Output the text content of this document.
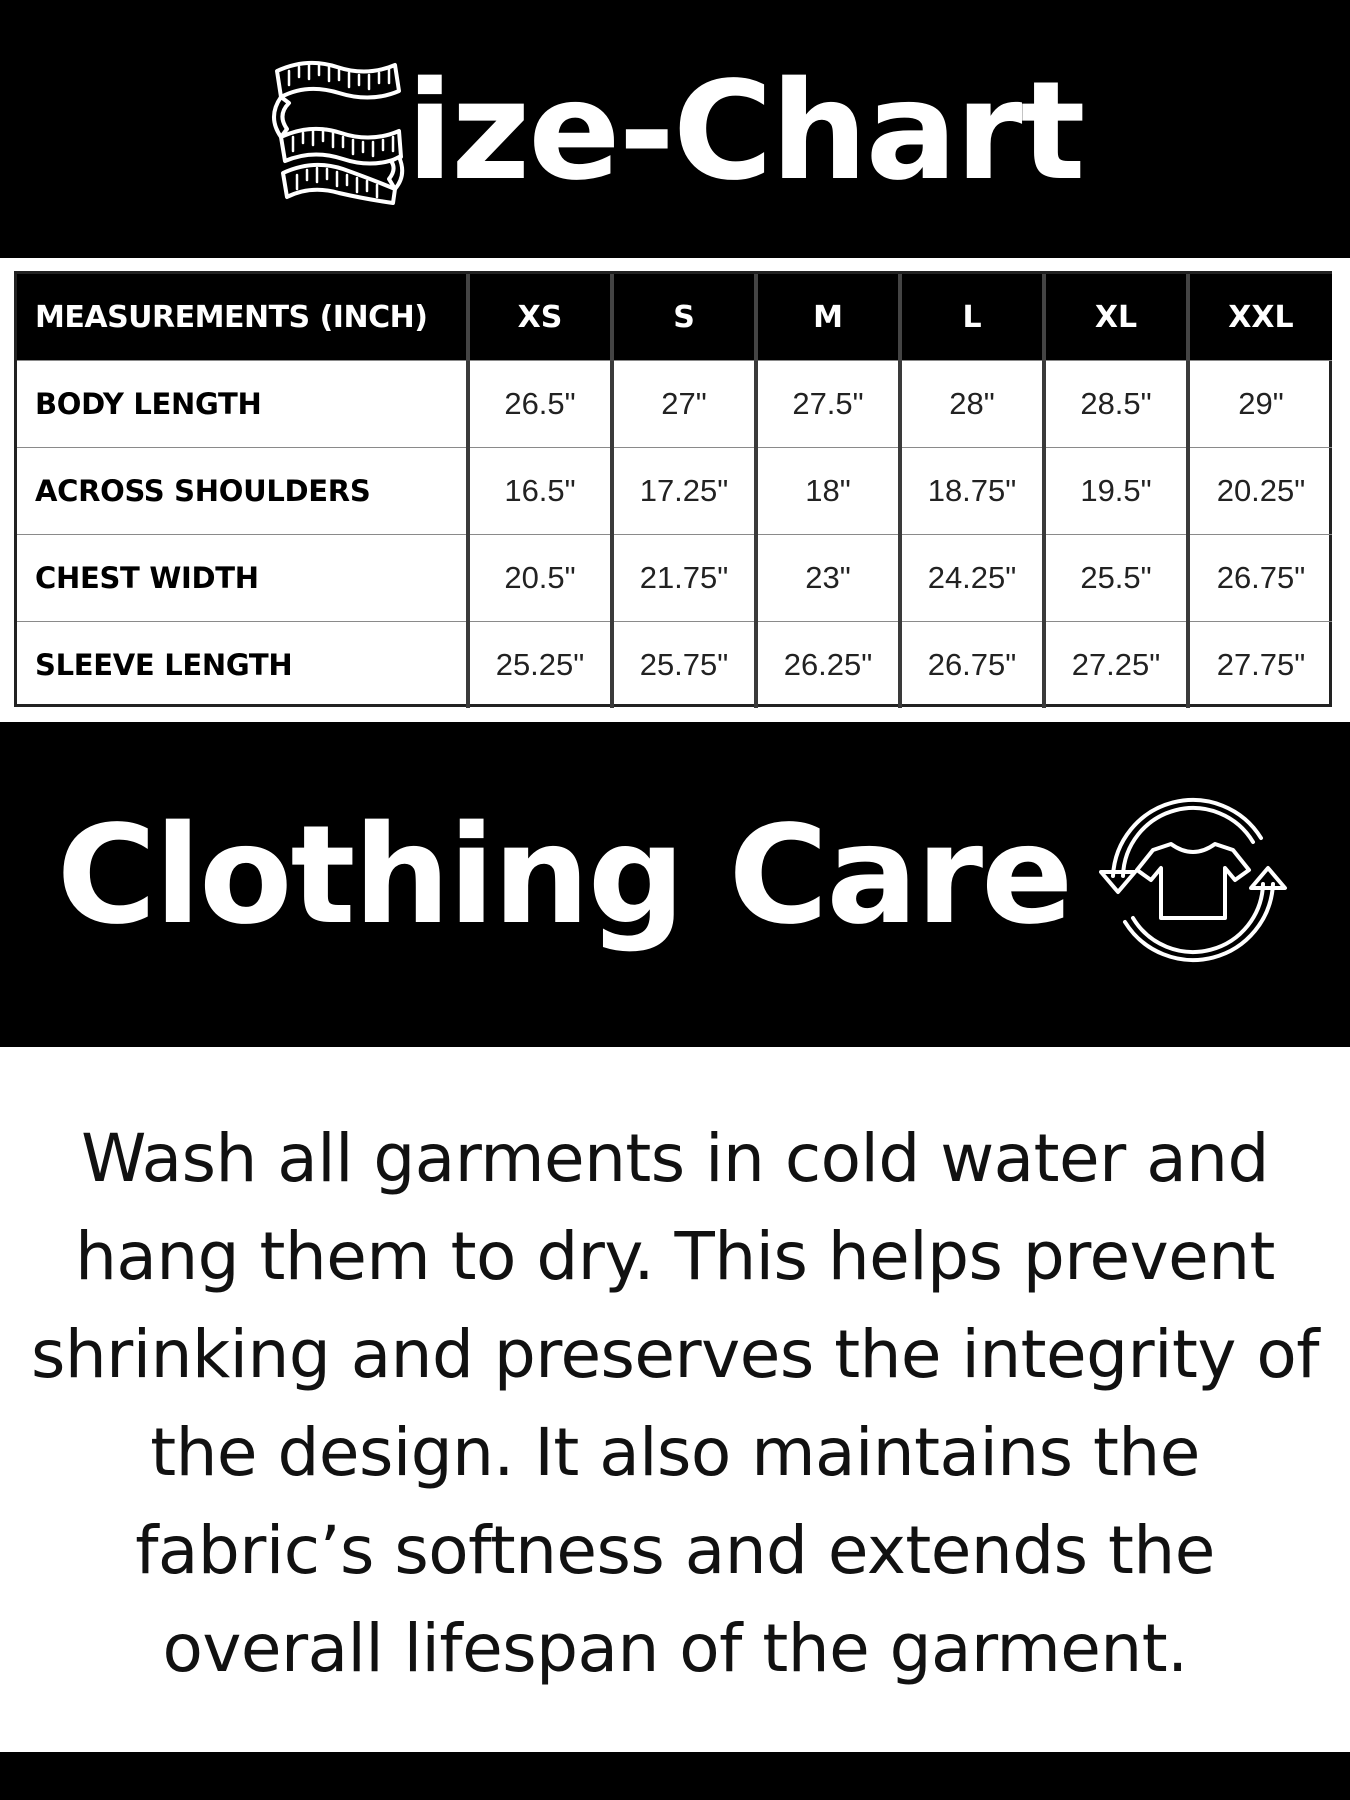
ize-Chart
MEASUREMENTS (INCH)	XS	S	M	L	XL	XXL
BODY LENGTH	26.5"	27"	27.5"	28"	28.5"	29"
ACROSS SHOULDERS	16.5"	17.25"	18"	18.75"	19.5"	20.25"
CHEST WIDTH	20.5"	21.75"	23"	24.25"	25.5"	26.75"
SLEEVE LENGTH	25.25"	25.75"	26.25"	26.75"	27.25"	27.75"
Clothing Care
Wash all garments in cold water and hang them to dry. This helps prevent shrinking and preserves the integrity of the design. It also maintains the fabric’s softness and extends the overall lifespan of the garment.
